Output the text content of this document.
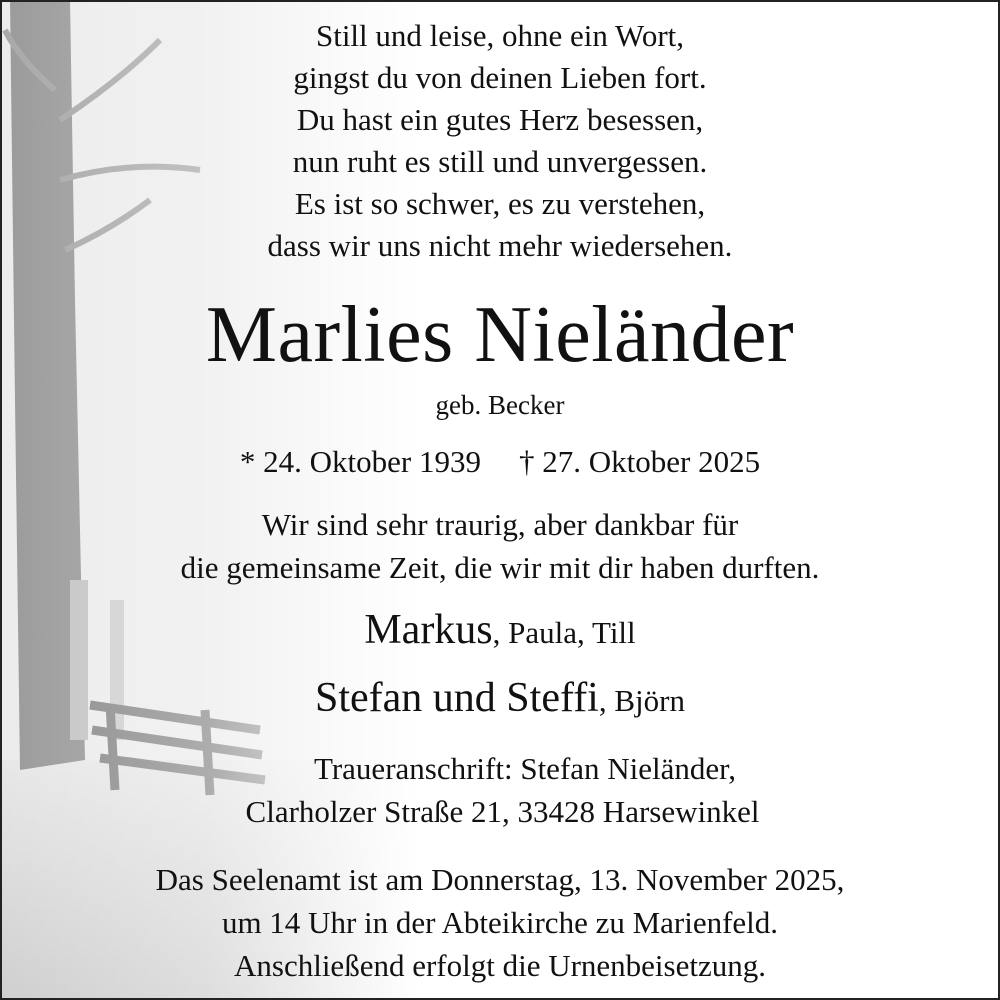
Still und leise, ohne ein Wort,
gingst du von deinen Lieben fort.
Du hast ein gutes Herz besessen,
nun ruht es still und unvergessen.
Es ist so schwer, es zu verstehen,
dass wir uns nicht mehr wiedersehen.
Marlies Nieländer
geb. Becker
* 24. Oktober 1939 † 27. Oktober 2025
Wir sind sehr traurig, aber dankbar für
die gemeinsame Zeit, die wir mit dir haben durften.
Markus, Paula, Till
Stefan und Steffi, Björn
Traueranschrift: Stefan Nieländer,
Clarholzer Straße 21, 33428 Harsewinkel
Das Seelenamt ist am Donnerstag, 13. November 2025,
um 14 Uhr in der Abteikirche zu Marienfeld.
Anschließend erfolgt die Urnenbeisetzung.
